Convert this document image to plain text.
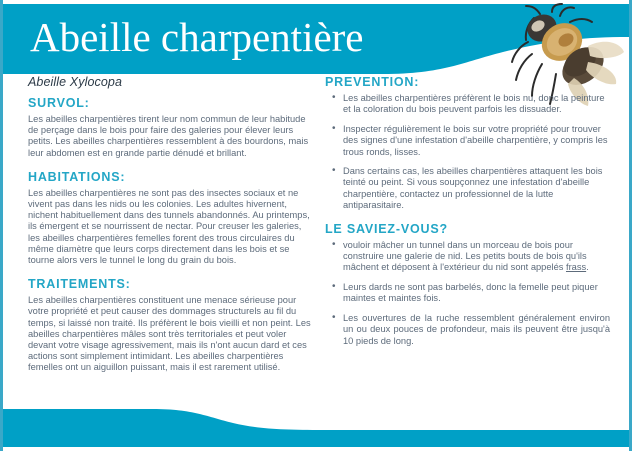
Abeille charpentière
Abeille Xylocopa
SURVOL:

Les abeilles charpentières tirent leur nom commun de leur habitude de perçage dans le bois pour faire des galeries pour élever leurs petits. Les abeilles charpentières ressemblent à des bourdons, mais leur abdomen est en grande partie dénudé et brillant.

HABITATIONS:

Les abeilles charpentières ne sont pas des insectes sociaux et ne vivent pas dans les nids ou les colonies. Les adultes hivernent, nichent habituellement dans des tunnels abandonnés. Au printemps, ils émergent et se nourrissent de nectar. Pour creuser les galeries, les abeilles charpentières femelles forent des trous circulaires du même diamètre que leurs corps directement dans les bois et se tourne alors vers le tunnel le long du grain du bois.

TRAITEMENTS:

Les abeilles charpentières constituent une menace sérieuse pour votre propriété et peut causer des dommages structurels au fil du temps, si laissé non traité. Ils préfèrent le bois vieilli et non peint. Les abeilles charpentières mâles sont très territoriales et peut voler devant votre visage agressivement, mais ils n'ont aucun dard et ces actions sont simplement intimidant. Les abeilles charpentières femelles ont un aiguillon puissant, mais il est rarement utilisé.

PREVENTION:
• Les abeilles charpentières préfèrent le bois nu, donc la peinture et la coloration du bois peuvent parfois les dissuader.
• Inspecter régulièrement le bois sur votre propriété pour trouver des signes d'une infestation d'abeille charpentière, y compris les trous ronds, lisses.
• Dans certains cas, les abeilles charpentières attaquent les bois teinté ou peint. Si vous soupçonnez une infestation d'abeille charpentière, contactez un professionnel de la lutte antiparasitaire.
LE SAVIEZ-VOUS?
• vouloir mâcher un tunnel dans un morceau de bois pour construire une galerie de nid. Les petits bouts de bois qu'ils mâchent et déposent à l'extérieur du nid sont appelés frass.
• Leurs dards ne sont pas barbelés, donc la femelle peut piquer maintes et maintes fois.
• Les ouvertures de la ruche ressemblent généralement environ un ou deux pouces de profondeur, mais ils peuvent être jusqu'à 10 pieds de long.
